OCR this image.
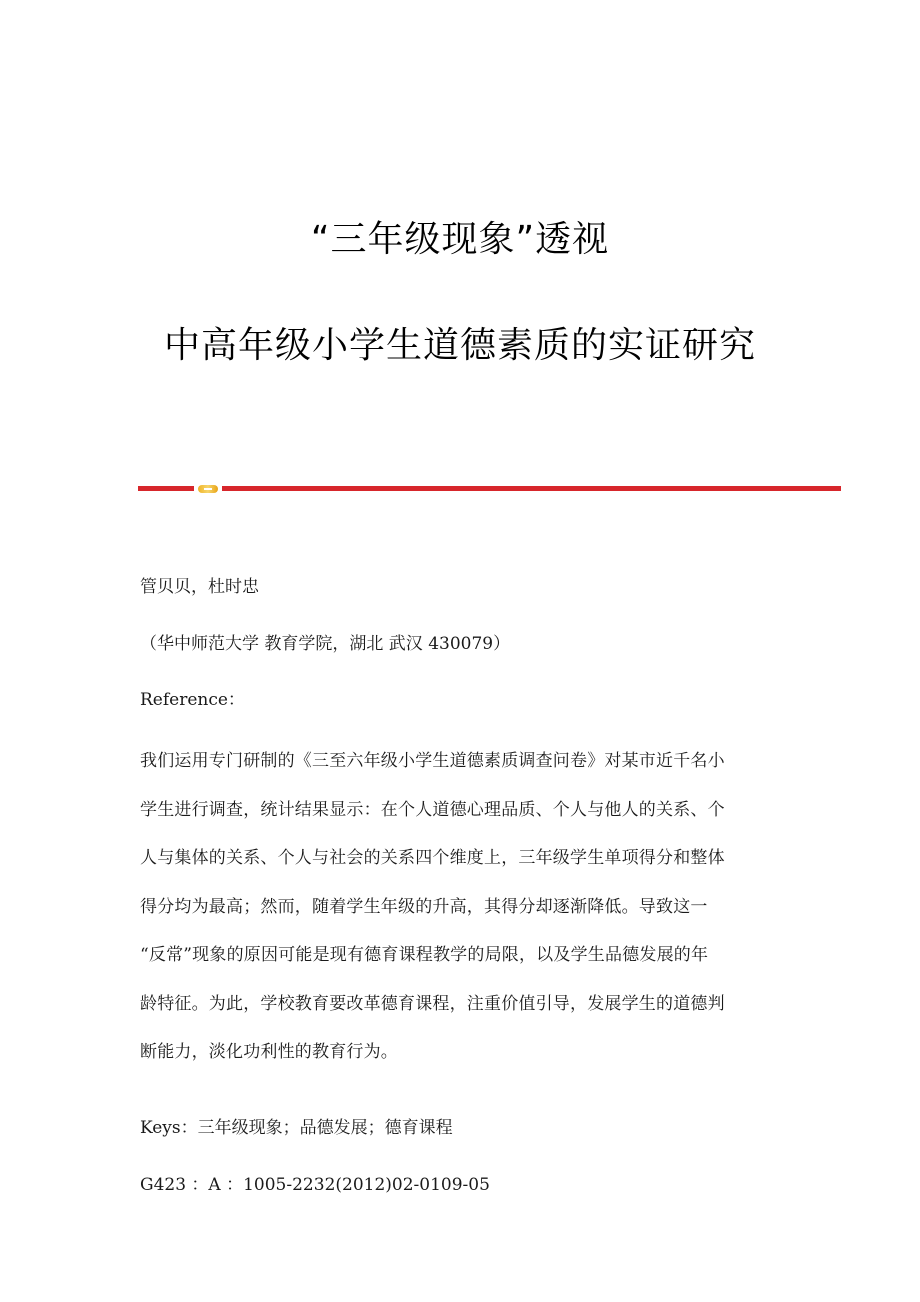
“三年级现象”透视
中高年级小学生道德素质的实证研究
管贝贝，杜时忠
（华中师范大学 教育学院，湖北 武汉 430079）
Reference：
我们运用专门研制的《三至六年级小学生道德素质调查问卷》对某市近千名小
学生进行调查，统计结果显示：在个人道德心理品质、个人与他人的关系、个
人与集体的关系、个人与社会的关系四个维度上，三年级学生单项得分和整体
得分均为最高；然而，随着学生年级的升高，其得分却逐渐降低。导致这一
“反常”现象的原因可能是现有德育课程教学的局限，以及学生品德发展的年
龄特征。为此，学校教育要改革德育课程，注重价值引导，发展学生的道德判
断能力，淡化功利性的教育行为。
Keys：三年级现象；品德发展；德育课程
G423 ：A ：1005-2232(2012)02-0109-05
